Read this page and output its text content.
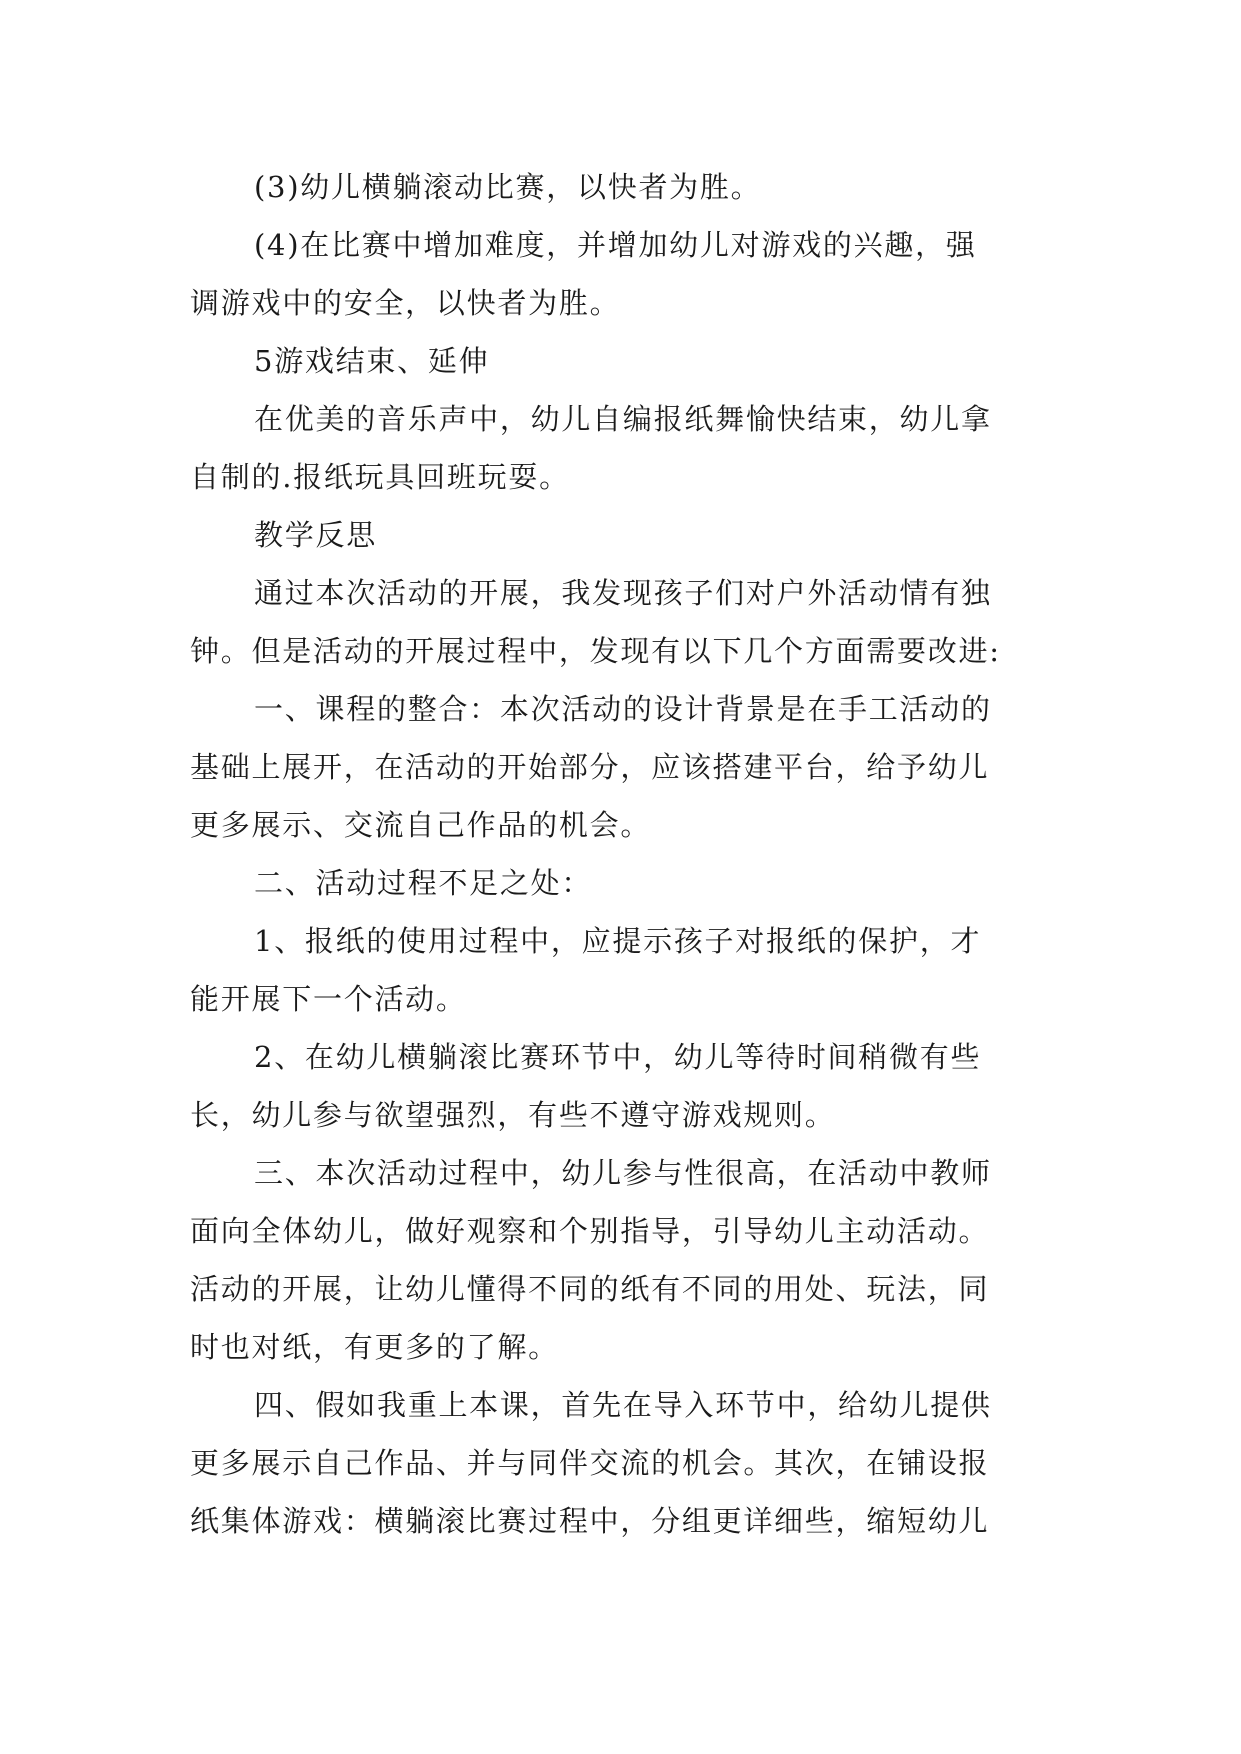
(3)幼儿横躺滚动比赛，以快者为胜。
(4)在比赛中增加难度，并增加幼儿对游戏的兴趣，强
调游戏中的安全，以快者为胜。
5游戏结束、延伸
在优美的音乐声中，幼儿自编报纸舞愉快结束，幼儿拿
自制的.报纸玩具回班玩耍。
教学反思
通过本次活动的开展，我发现孩子们对户外活动情有独
钟。但是活动的开展过程中，发现有以下几个方面需要改进:
一、课程的整合：本次活动的设计背景是在手工活动的
基础上展开，在活动的开始部分，应该搭建平台，给予幼儿
更多展示、交流自己作品的机会。
二、活动过程不足之处：
1、报纸的使用过程中，应提示孩子对报纸的保护，才
能开展下一个活动。
2、在幼儿横躺滚比赛环节中，幼儿等待时间稍微有些
长，幼儿参与欲望强烈，有些不遵守游戏规则。
三、本次活动过程中，幼儿参与性很高，在活动中教师
面向全体幼儿，做好观察和个别指导，引导幼儿主动活动。
活动的开展，让幼儿懂得不同的纸有不同的用处、玩法，同
时也对纸，有更多的了解。
四、假如我重上本课，首先在导入环节中，给幼儿提供
更多展示自己作品、并与同伴交流的机会。其次，在铺设报
纸集体游戏：横躺滚比赛过程中，分组更详细些，缩短幼儿
